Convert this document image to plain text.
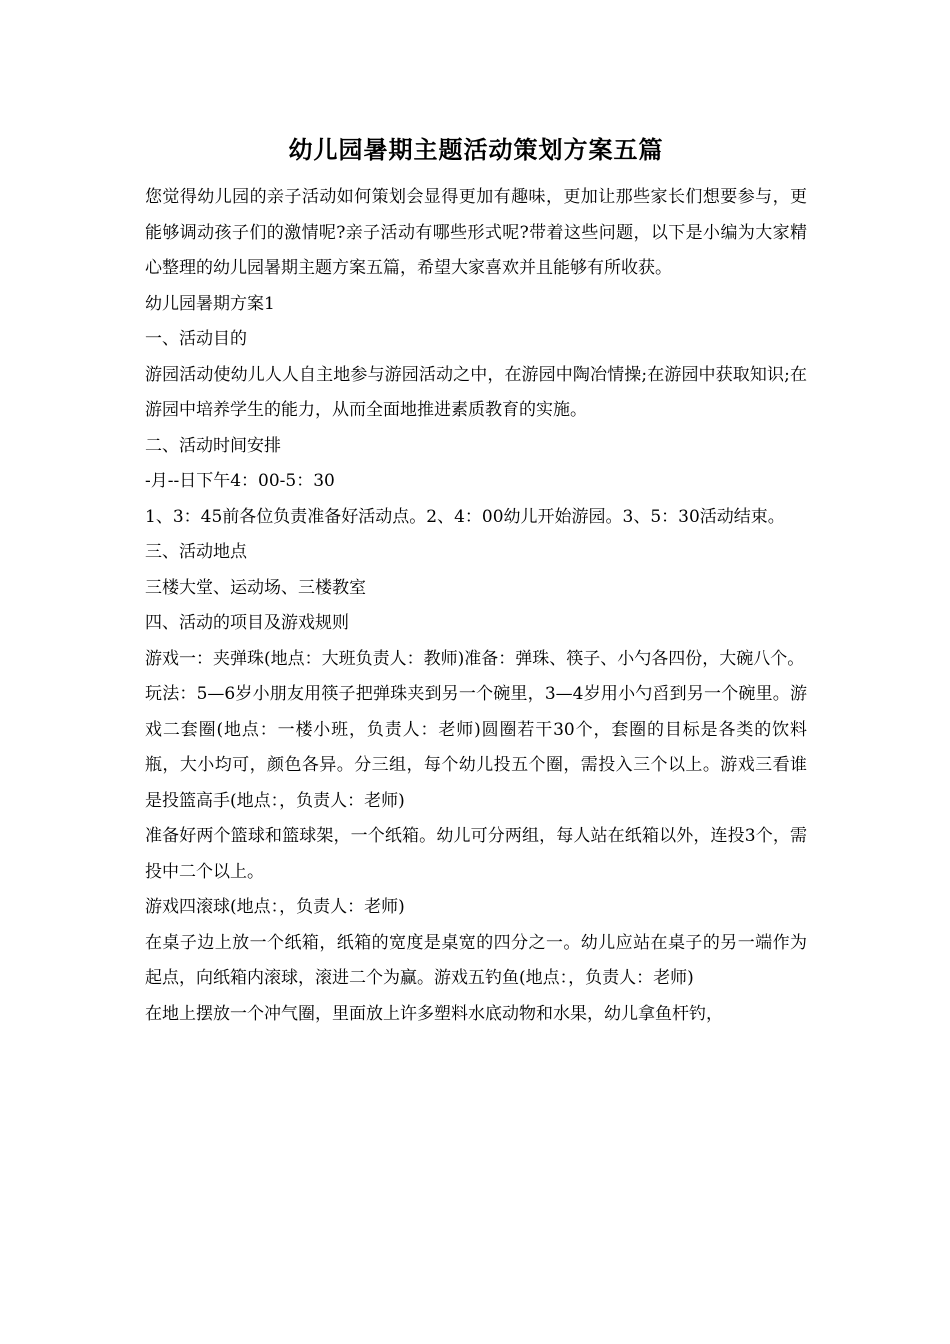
幼儿园暑期主题活动策划方案五篇

您觉得幼儿园的亲子活动如何策划会显得更加有趣味，更加让那些家长们想要参与，更能够调动孩子们的激情呢?亲子活动有哪些形式呢?带着这些问题，以下是小编为大家精心整理的幼儿园暑期主题方案五篇，希望大家喜欢并且能够有所收获。

幼儿园暑期方案1

一、活动目的

游园活动使幼儿人人自主地参与游园活动之中，在游园中陶冶情操;在游园中获取知识;在游园中培养学生的能力，从而全面地推进素质教育的实施。

二、活动时间安排

-月--日下午4：00-5：30

1、3：45前各位负责准备好活动点。2、4：00幼儿开始游园。3、5：30活动结束。

三、活动地点

三楼大堂、运动场、三楼教室

四、活动的项目及游戏规则

游戏一：夹弹珠(地点：大班负责人：教师)准备：弹珠、筷子、小勺各四份，大碗八个。

玩法：5—6岁小朋友用筷子把弹珠夹到另一个碗里，3—4岁用小勺舀到另一个碗里。游戏二套圈(地点：一楼小班，负责人：老师)圆圈若干30个，套圈的目标是各类的饮料瓶，大小均可，颜色各异。分三组，每个幼儿投五个圈，需投入三个以上。游戏三看谁是投篮高手(地点：，负责人：老师)

准备好两个篮球和篮球架，一个纸箱。幼儿可分两组，每人站在纸箱以外，连投3个，需投中二个以上。

游戏四滚球(地点：，负责人：老师)

在桌子边上放一个纸箱，纸箱的宽度是桌宽的四分之一。幼儿应站在桌子的另一端作为起点，向纸箱内滚球，滚进二个为赢。游戏五钓鱼(地点：，负责人：老师)

在地上摆放一个冲气圈，里面放上许多塑料水底动物和水果，幼儿拿鱼杆钓，
